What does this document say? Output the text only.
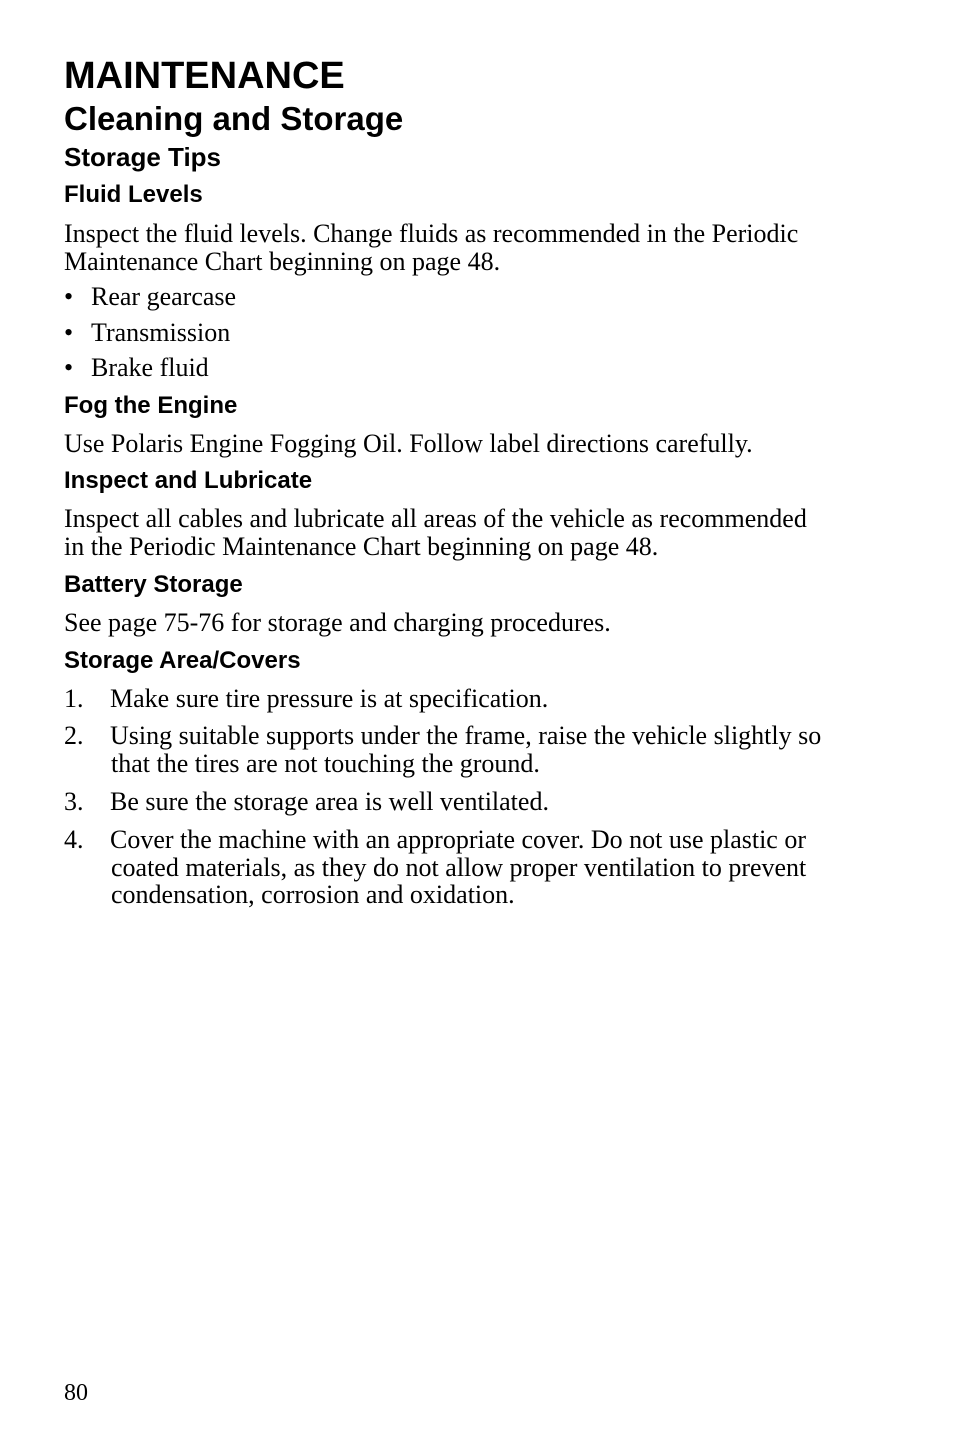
MAINTENANCE
Cleaning and Storage
Storage Tips
Fluid Levels

Inspect the fluid levels. Change fluids as recommended in the Periodic

Maintenance Chart beginning on page 48.

• Rear gearcase
• Transmission
• Brake fluid
Fog the Engine

Use Polaris Engine Fogging Oil. Follow label directions carefully.

Inspect and Lubricate

Inspect all cables and lubricate all areas of the vehicle as recommended

in the Periodic Maintenance Chart beginning on page 48.

Battery Storage

See page 75-76 for storage and charging procedures.

Storage Area/Covers
1. Make sure tire pressure is at specification.
2. Using suitable supports under the frame, raise the vehicle slightly so
that the tires are not touching the ground.
3. Be sure the storage area is well ventilated.
4. Cover the machine with an appropriate cover. Do not use plastic or
coated materials, as they do not allow proper ventilation to prevent
condensation, corrosion and oxidation.
80
